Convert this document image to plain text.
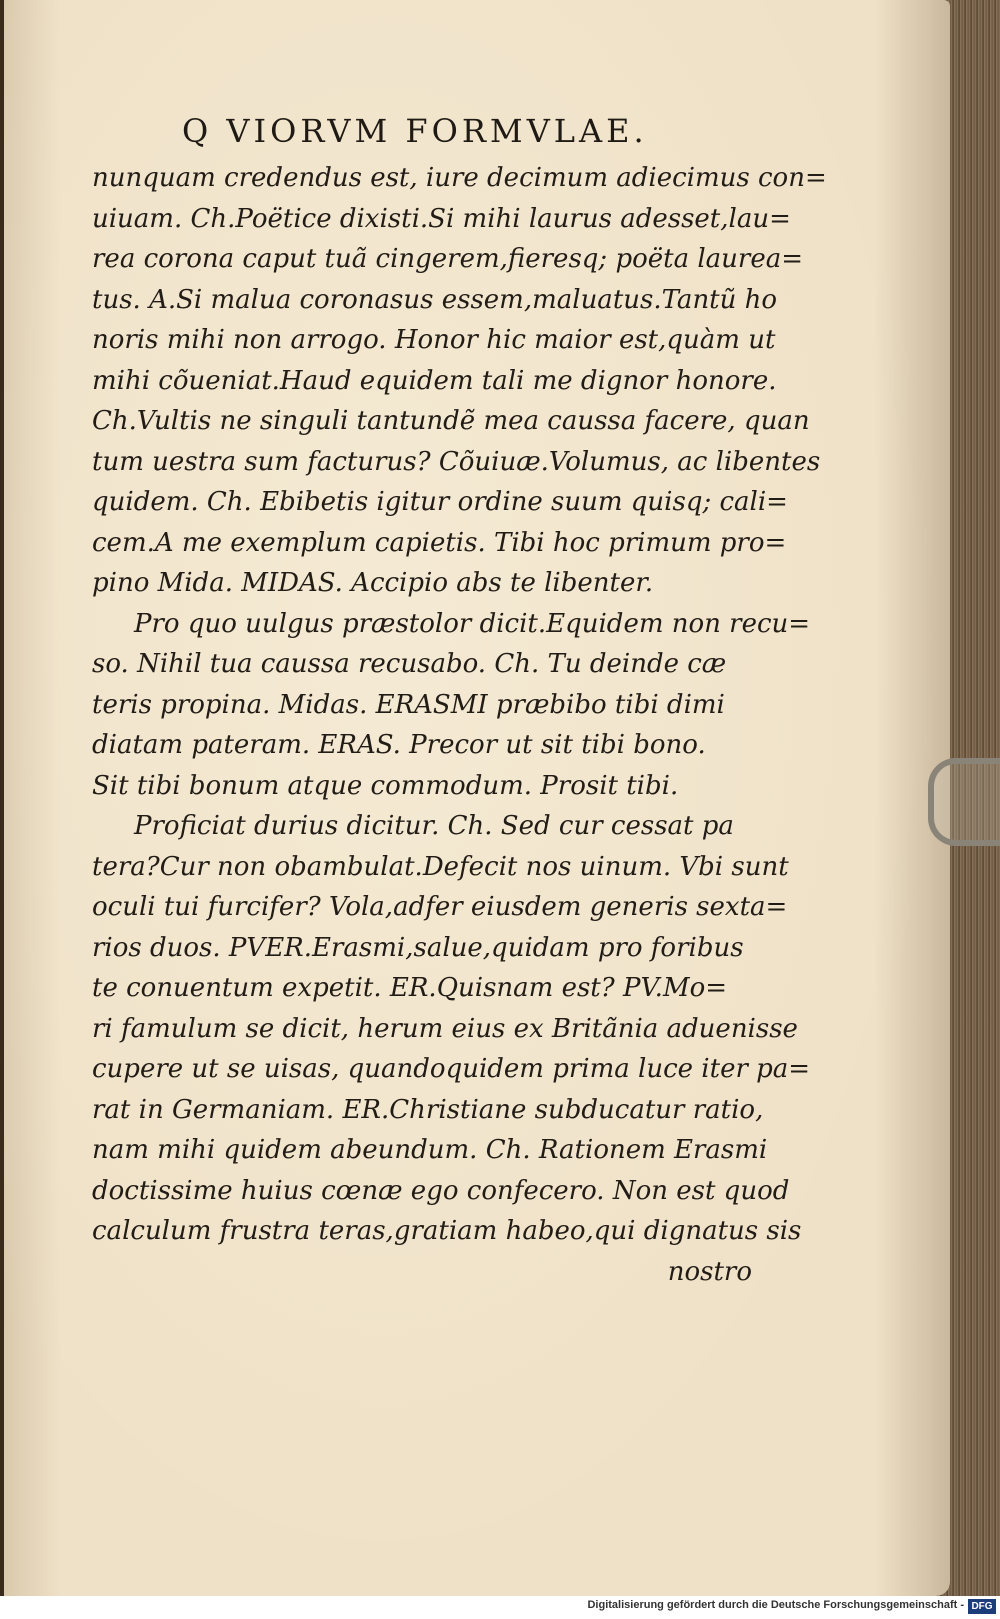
Q VIORVM FORMVLAE.
nunquam credendus est, iure decimum adiecimus con=
uiuam. Ch.Poëtice dixisti.Si mihi laurus adesset,lau=
rea corona caput tuã cingerem,fieresq; poëta laurea=
tus. A.Si malua coronasus essem,maluatus.Tantũ ho
noris mihi non arrogo. Honor hic maior est,quàm ut
mihi cõueniat.Haud equidem tali me dignor honore.
Ch.Vultis ne singuli tantundẽ mea caussa facere, quan
tum uestra sum facturus? Cõuiuæ.Volumus, ac libentes
quidem. Ch. Ebibetis igitur ordine suum quisq; cali=
cem.A me exemplum capietis. Tibi hoc primum pro=
pino Mida. MIDAS. Accipio abs te libenter.
Pro quo uulgus præstolor dicit.Equidem non recu=
so. Nihil tua caussa recusabo. Ch. Tu deinde cæ
teris propina. Midas. ERASMI præbibo tibi dimi
diatam pateram. ERAS. Precor ut sit tibi bono.
Sit tibi bonum atque commodum. Prosit tibi.
Proficiat durius dicitur. Ch. Sed cur cessat pa
tera?Cur non obambulat.Defecit nos uinum. Vbi sunt
oculi tui furcifer? Vola,adfer eiusdem generis sexta=
rios duos. PVER.Erasmi,salue,quidam pro foribus
te conuentum expetit. ER.Quisnam est? PV.Mo=
ri famulum se dicit, herum eius ex Britãnia aduenisse
cupere ut se uisas, quandoquidem prima luce iter pa=
rat in Germaniam. ER.Christiane subducatur ratio,
nam mihi quidem abeundum. Ch. Rationem Erasmi
doctissime huius cœnæ ego confecero. Non est quod
calculum frustra teras,gratiam habeo,qui dignatus sis
nostro
Digitalisierung gefördert durch die Deutsche Forschungsgemeinschaft - DFG
